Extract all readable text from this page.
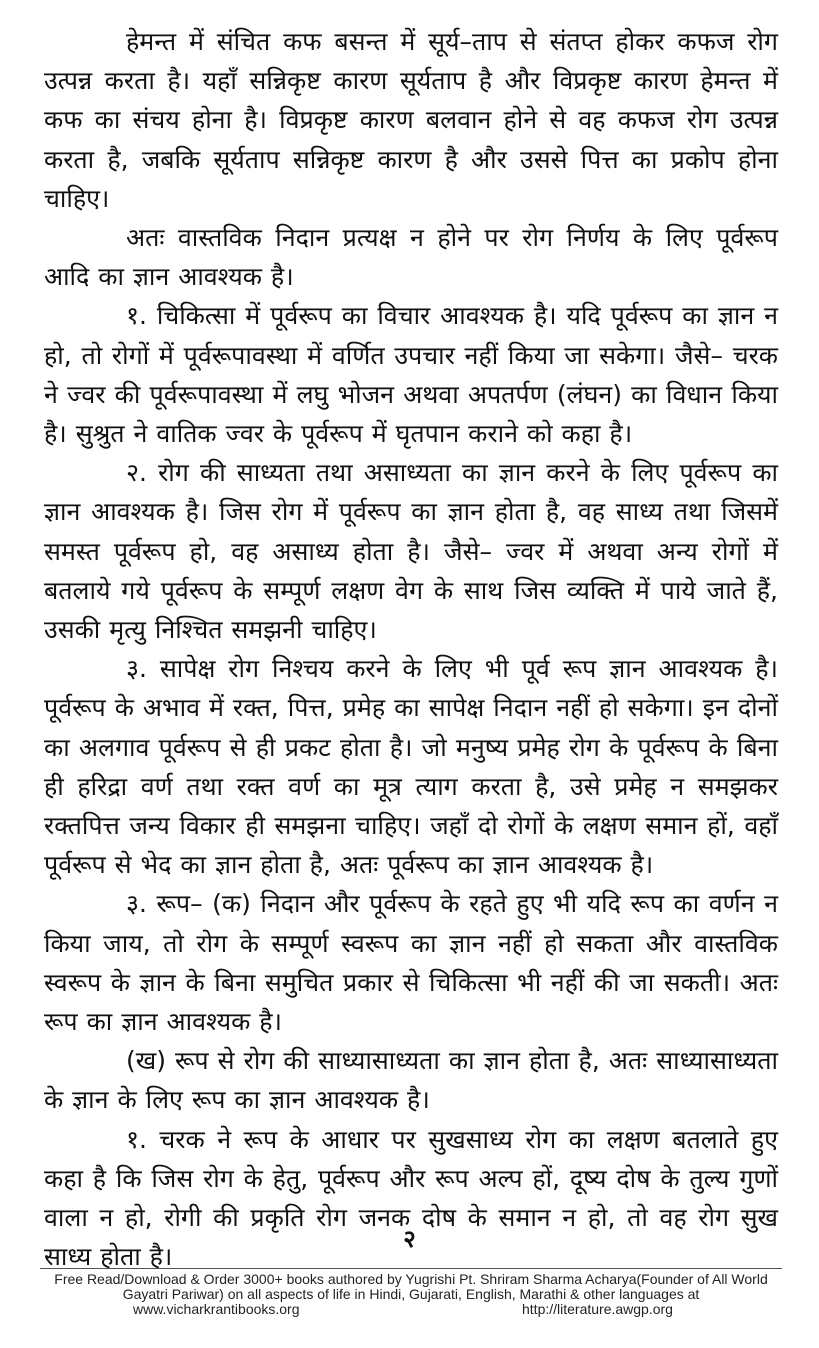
हेमन्त में संचित कफ बसन्त में सूर्य–ताप से संतप्त होकर कफज रोग उत्पन्न करता है। यहाँ सन्निकृष्ट कारण सूर्यताप है और विप्रकृष्ट कारण हेमन्त में कफ का संचय होना है। विप्रकृष्ट कारण बलवान होने से वह कफज रोग उत्पन्न करता है, जबकि सूर्यताप सन्निकृष्ट कारण है और उससे पित्त का प्रकोप होना चाहिए।

अतः वास्तविक निदान प्रत्यक्ष न होने पर रोग निर्णय के लिए पूर्वरूप आदि का ज्ञान आवश्यक है।

१. चिकित्सा में पूर्वरूप का विचार आवश्यक है। यदि पूर्वरूप का ज्ञान न हो, तो रोगों में पूर्वरूपावस्था में वर्णित उपचार नहीं किया जा सकेगा। जैसे– चरक ने ज्वर की पूर्वरूपावस्था में लघु भोजन अथवा अपतर्पण (लंघन) का विधान किया है। सुश्रुत ने वातिक ज्वर के पूर्वरूप में घृतपान कराने को कहा है।

२. रोग की साध्यता तथा असाध्यता का ज्ञान करने के लिए पूर्वरूप का ज्ञान आवश्यक है। जिस रोग में पूर्वरूप का ज्ञान होता है, वह साध्य तथा जिसमें समस्त पूर्वरूप हो, वह असाध्य होता है। जैसे– ज्वर में अथवा अन्य रोगों में बतलाये गये पूर्वरूप के सम्पूर्ण लक्षण वेग के साथ जिस व्यक्ति में पाये जाते हैं, उसकी मृत्यु निश्चित समझनी चाहिए।

३. सापेक्ष रोग निश्चय करने के लिए भी पूर्व रूप ज्ञान आवश्यक है। पूर्वरूप के अभाव में रक्त, पित्त, प्रमेह का सापेक्ष निदान नहीं हो सकेगा। इन दोनों का अलगाव पूर्वरूप से ही प्रकट होता है। जो मनुष्य प्रमेह रोग के पूर्वरूप के बिना ही हरिद्रा वर्ण तथा रक्त वर्ण का मूत्र त्याग करता है, उसे प्रमेह न समझकर रक्तपित्त जन्य विकार ही समझना चाहिए। जहाँ दो रोगों के लक्षण समान हों, वहाँ पूर्वरूप से भेद का ज्ञान होता है, अतः पूर्वरूप का ज्ञान आवश्यक है।

३. रूप– (क) निदान और पूर्वरूप के रहते हुए भी यदि रूप का वर्णन न किया जाय, तो रोग के सम्पूर्ण स्वरूप का ज्ञान नहीं हो सकता और वास्तविक स्वरूप के ज्ञान के बिना समुचित प्रकार से चिकित्सा भी नहीं की जा सकती। अतः रूप का ज्ञान आवश्यक है।

(ख) रूप से रोग की साध्यासाध्यता का ज्ञान होता है, अतः साध्यासाध्यता के ज्ञान के लिए रूप का ज्ञान आवश्यक है।

१. चरक ने रूप के आधार पर सुखसाध्य रोग का लक्षण बतलाते हुए कहा है कि जिस रोग के हेतु, पूर्वरूप और रूप अल्प हों, दूष्य दोष के तुल्य गुणों वाला न हो, रोगी की प्रकृति रोग जनक दोष के समान न हो, तो वह रोग सुख साध्य होता है।

२
Free Read/Download & Order 3000+ books authored by Yugrishi Pt. Shriram Sharma Acharya(Founder of All World Gayatri Pariwar) on all aspects of life in Hindi, Gujarati, English, Marathi & other languages at
www.vicharkrantibooks.org	http://literature.awgp.org
